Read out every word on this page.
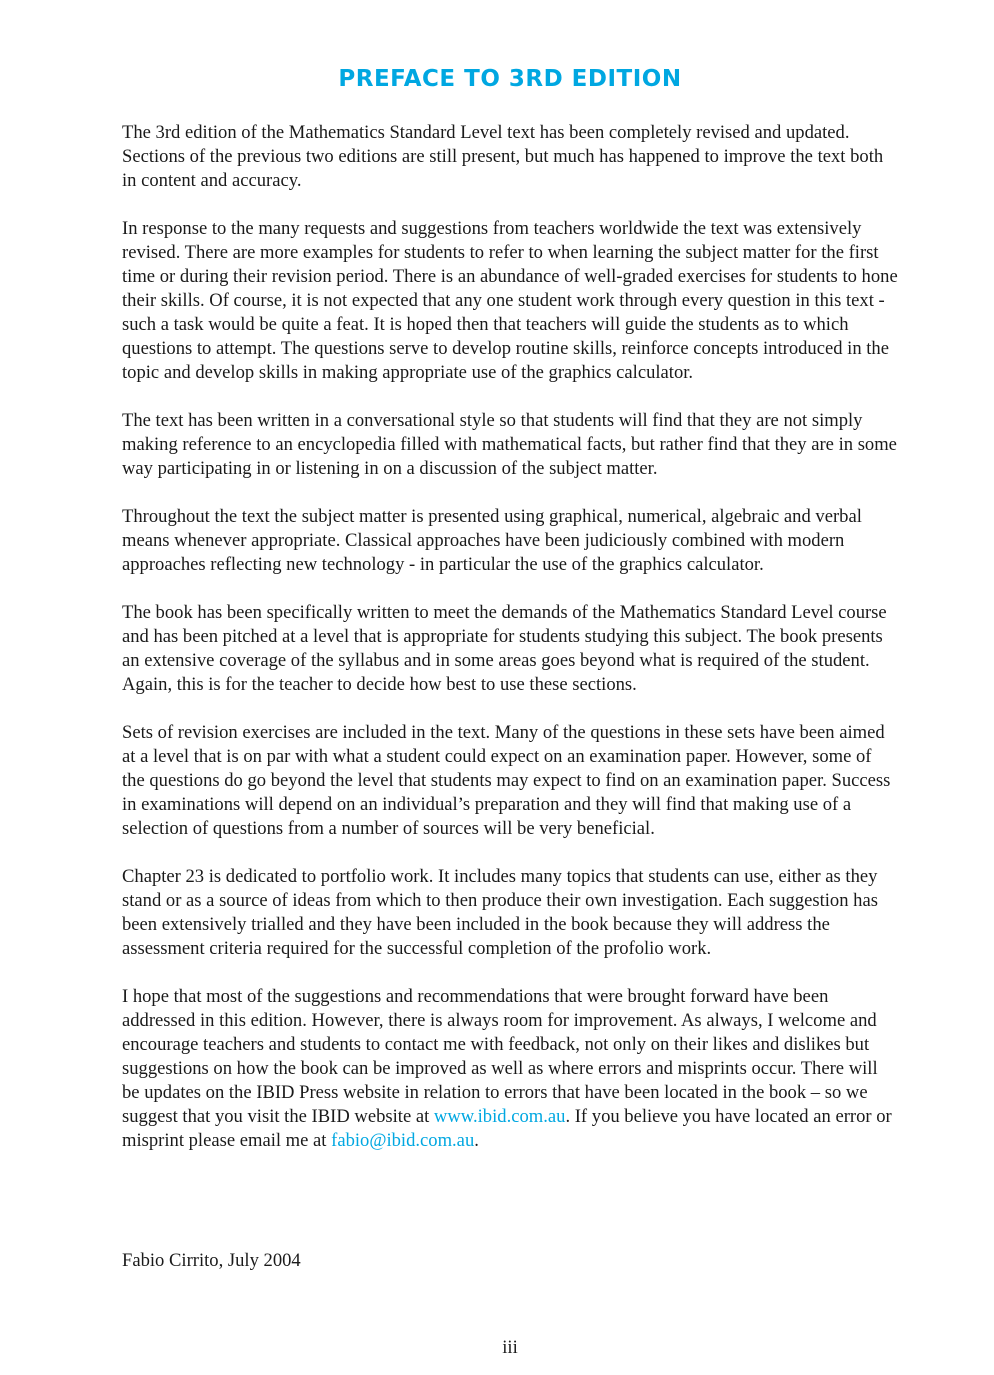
PREFACE TO 3RD EDITION

The 3rd edition of the Mathematics Standard Level text has been completely revised and updated. Sections of the previous two editions are still present, but much has happened to improve the text both in content and accuracy.

In response to the many requests and suggestions from teachers worldwide the text was extensively revised. There are more examples for students to refer to when learning the subject matter for the first time or during their revision period. There is an abundance of well-graded exercises for students to hone their skills. Of course, it is not expected that any one student work through every question in this text - such a task would be quite a feat. It is hoped then that teachers will guide the students as to which questions to attempt. The questions serve to develop routine skills, reinforce concepts introduced in the topic and develop skills in making appropriate use of the graphics calculator.

The text has been written in a conversational style so that students will find that they are not simply making reference to an encyclopedia filled with mathematical facts, but rather find that they are in some way participating in or listening in on a discussion of the subject matter.

Throughout the text the subject matter is presented using graphical, numerical, algebraic and verbal means whenever appropriate. Classical approaches have been judiciously combined with modern approaches reflecting new technology - in particular the use of the graphics calculator.

The book has been specifically written to meet the demands of the Mathematics Standard Level course and has been pitched at a level that is appropriate for students studying this subject. The book presents an extensive coverage of the syllabus and in some areas goes beyond what is required of the student. Again, this is for the teacher to decide how best to use these sections.

Sets of revision exercises are included in the text. Many of the questions in these sets have been aimed at a level that is on par with what a student could expect on an examination paper. However, some of the questions do go beyond the level that students may expect to find on an examination paper. Success in examinations will depend on an individual’s preparation and they will find that making use of a selection of questions from a number of sources will be very beneficial.

Chapter 23 is dedicated to portfolio work. It includes many topics that students can use, either as they stand or as a source of ideas from which to then produce their own investigation. Each suggestion has been extensively trialled and they have been included in the book because they will address the assessment criteria required for the successful completion of the profolio work.

I hope that most of the suggestions and recommendations that were brought forward have been addressed in this edition. However, there is always room for improvement. As always, I welcome and encourage teachers and students to contact me with feedback, not only on their likes and dislikes but suggestions on how the book can be improved as well as where errors and misprints occur. There will be updates on the IBID Press website in relation to errors that have been located in the book – so we suggest that you visit the IBID website at www.ibid.com.au. If you believe you have located an error or misprint please email me at fabio@ibid.com.au.

Fabio Cirrito, July 2004

iii
